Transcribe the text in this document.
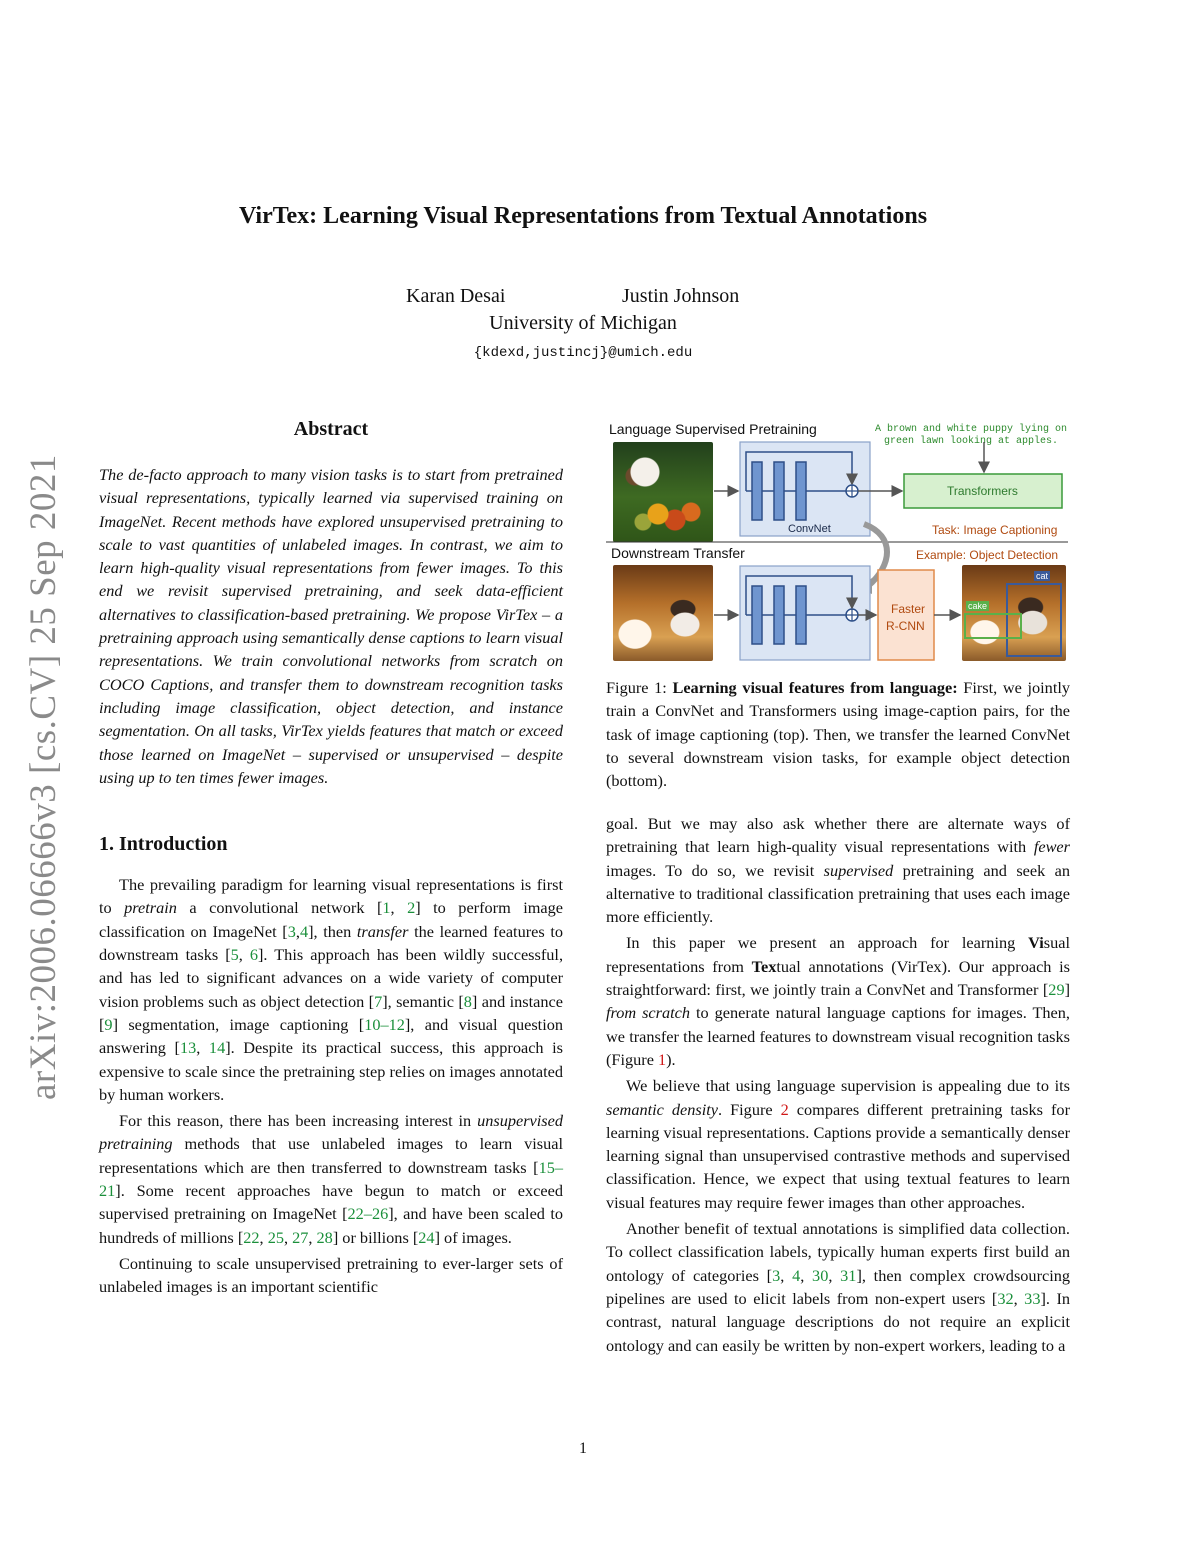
arXiv:2006.06666v3 [cs.CV] 25 Sep 2021
VirTex: Learning Visual Representations from Textual Annotations
Karan Desai	Justin Johnson
University of Michigan
{kdexd,justincj}@umich.edu
Abstract

The de-facto approach to many vision tasks is to start from pretrained visual representations, typically learned via supervised training on ImageNet. Recent methods have explored unsupervised pretraining to scale to vast quantities of unlabeled images. In contrast, we aim to learn high-quality visual representations from fewer images. To this end we revisit supervised pretraining, and seek data-efficient alternatives to classification-based pretraining. We propose VirTex – a pretraining approach using semantically dense captions to learn visual representations. We train convolutional networks from scratch on COCO Captions, and transfer them to downstream recognition tasks including image classification, object detection, and instance segmentation. On all tasks, VirTex yields features that match or exceed those learned on ImageNet – supervised or unsupervised – despite using up to ten times fewer images.

1. Introduction

The prevailing paradigm for learning visual representations is first to pretrain a convolutional network [1, 2] to perform image classification on ImageNet [3,4], then transfer the learned features to downstream tasks [5, 6]. This approach has been wildly successful, and has led to significant advances on a wide variety of computer vision problems such as object detection [7], semantic [8] and instance [9] segmentation, image captioning [10–12], and visual question answering [13, 14]. Despite its practical success, this approach is expensive to scale since the pretraining step relies on images annotated by human workers.

For this reason, there has been increasing interest in unsupervised pretraining methods that use unlabeled images to learn visual representations which are then transferred to downstream tasks [15–21]. Some recent approaches have begun to match or exceed supervised pretraining on ImageNet [22–26], and have been scaled to hundreds of millions [22, 25, 27, 28] or billions [24] of images.

Continuing to scale unsupervised pretraining to ever-larger sets of unlabeled images is an important scientific

Language Supervised Pretraining	A brown and white puppy lying on green lawn looking at apples.
Transformers
ConvNet	Task: Image Captioning
Downstream Transfer	Example: Object Detection
Faster
R-CNN
cat
cake
Figure 1: Learning visual features from language: First, we jointly train a ConvNet and Transformers using image-caption pairs, for the task of image captioning (top). Then, we transfer the learned ConvNet to several downstream vision tasks, for example object detection (bottom).

goal. But we may also ask whether there are alternate ways of pretraining that learn high-quality visual representations with fewer images. To do so, we revisit supervised pretraining and seek an alternative to traditional classification pretraining that uses each image more efficiently.

In this paper we present an approach for learning Visual representations from Textual annotations (VirTex). Our approach is straightforward: first, we jointly train a ConvNet and Transformer [29] from scratch to generate natural language captions for images. Then, we transfer the learned features to downstream visual recognition tasks (Figure 1).

We believe that using language supervision is appealing due to its semantic density. Figure 2 compares different pretraining tasks for learning visual representations. Captions provide a semantically denser learning signal than unsupervised contrastive methods and supervised classification. Hence, we expect that using textual features to learn visual features may require fewer images than other approaches.

Another benefit of textual annotations is simplified data collection. To collect classification labels, typically human experts first build an ontology of categories [3, 4, 30, 31], then complex crowdsourcing pipelines are used to elicit labels from non-expert users [32, 33]. In contrast, natural language descriptions do not require an explicit ontology and can easily be written by non-expert workers, leading to a

1
